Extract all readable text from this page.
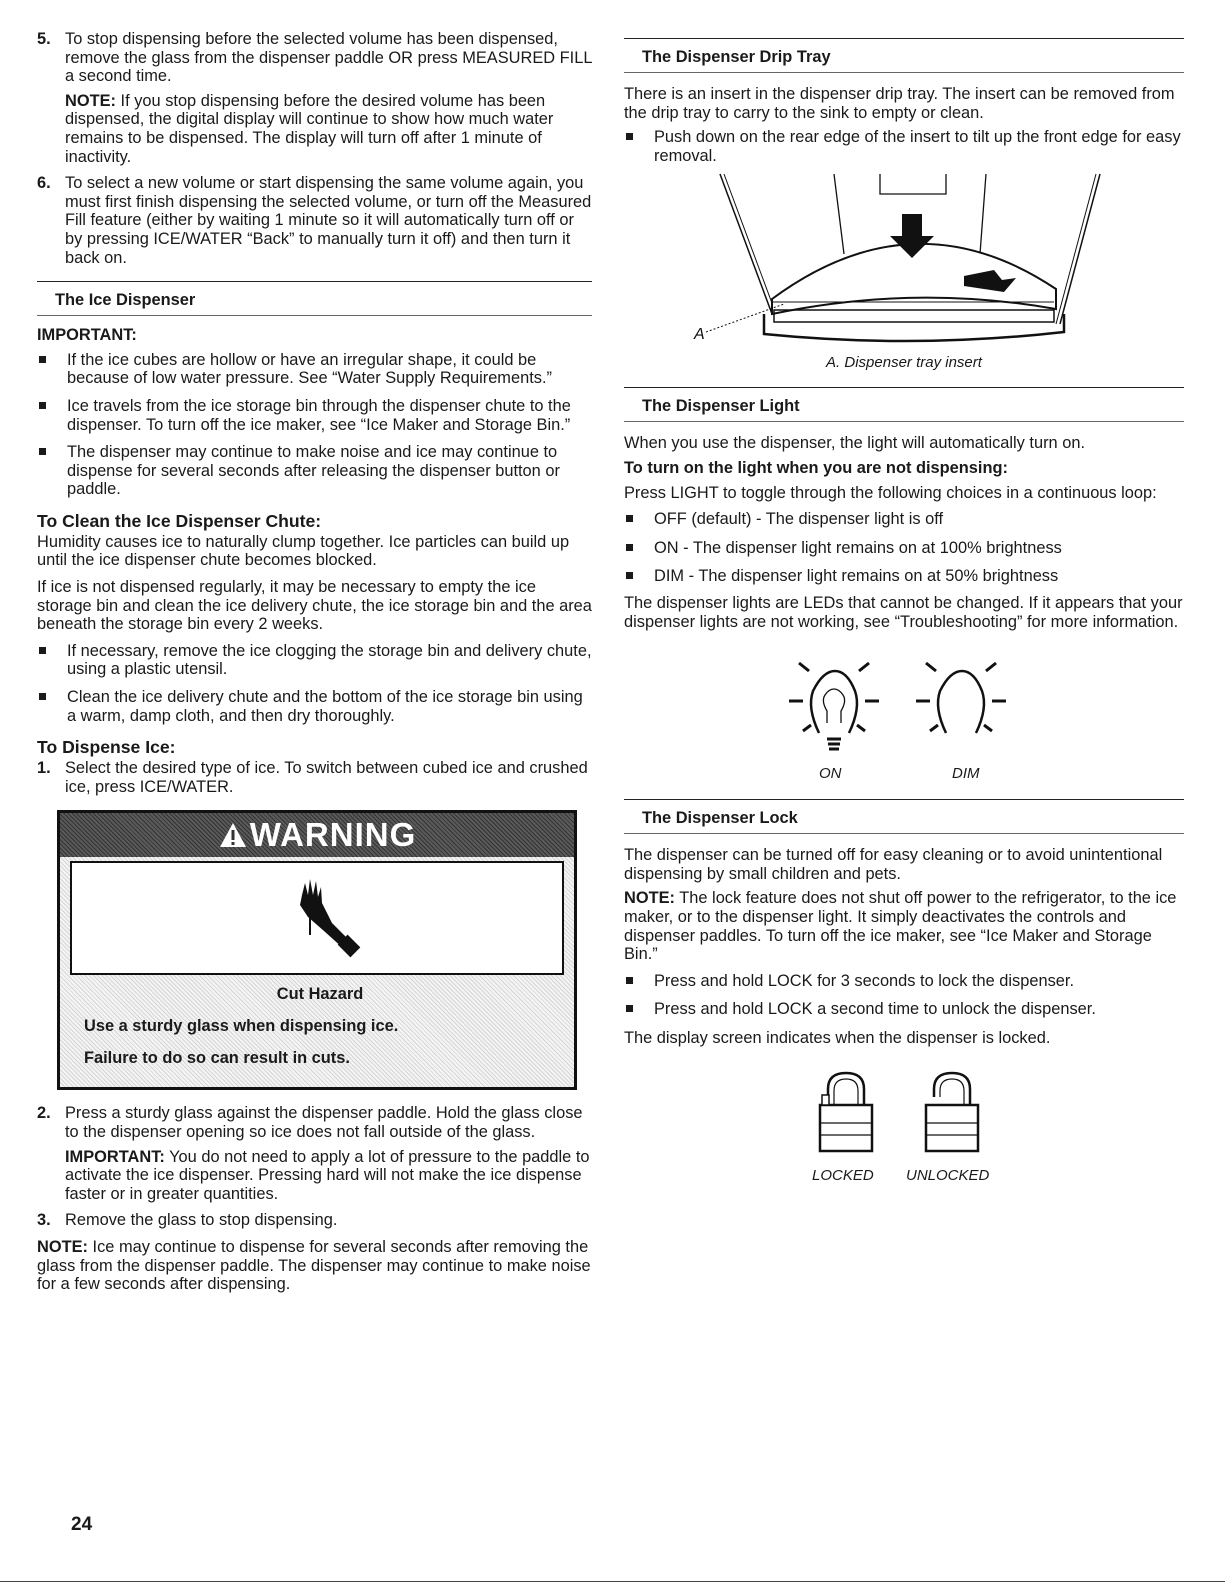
5. To stop dispensing before the selected volume has been dispensed, remove the glass from the dispenser paddle OR press MEASURED FILL a second time.

NOTE: If you stop dispensing before the desired volume has been dispensed, the digital display will continue to show how much water remains to be dispensed. The display will turn off after 1 minute of inactivity.

6. To select a new volume or start dispensing the same volume again, you must first finish dispensing the selected volume, or turn off the Measured Fill feature (either by waiting 1 minute so it will automatically turn off or by pressing ICE/WATER “Back” to manually turn it off) and then turn it back on.

The Ice Dispenser

IMPORTANT:

If the ice cubes are hollow or have an irregular shape, it could be because of low water pressure. See “Water Supply Requirements.”

Ice travels from the ice storage bin through the dispenser chute to the dispenser. To turn off the ice maker, see “Ice Maker and Storage Bin.”

The dispenser may continue to make noise and ice may continue to dispense for several seconds after releasing the dispenser button or paddle.

To Clean the Ice Dispenser Chute:

Humidity causes ice to naturally clump together. Ice particles can build up until the ice dispenser chute becomes blocked.

If ice is not dispensed regularly, it may be necessary to empty the ice storage bin and clean the ice delivery chute, the ice storage bin and the area beneath the storage bin every 2 weeks.

If necessary, remove the ice clogging the storage bin and delivery chute, using a plastic utensil.

Clean the ice delivery chute and the bottom of the ice storage bin using a warm, damp cloth, and then dry thoroughly.

To Dispense Ice:
1. Select the desired type of ice. To switch between cubed ice and crushed ice, press ICE/WATER.

WARNING

Cut Hazard

Use a sturdy glass when dispensing ice.

Failure to do so can result in cuts.

2. Press a sturdy glass against the dispenser paddle. Hold the glass close to the dispenser opening so ice does not fall outside of the glass.

IMPORTANT: You do not need to apply a lot of pressure to the paddle to activate the ice dispenser. Pressing hard will not make the ice dispense faster or in greater quantities.

3. Remove the glass to stop dispensing.

NOTE: Ice may continue to dispense for several seconds after removing the glass from the dispenser paddle. The dispenser may continue to make noise for a few seconds after dispensing.

The Dispenser Drip Tray

There is an insert in the dispenser drip tray. The insert can be removed from the drip tray to carry to the sink to empty or clean.

Push down on the rear edge of the insert to tilt up the front edge for easy removal.

A
A. Dispenser tray insert
The Dispenser Light

When you use the dispenser, the light will automatically turn on.

To turn on the light when you are not dispensing:

Press LIGHT to toggle through the following choices in a continuous loop:

OFF (default) - The dispenser light is off

ON - The dispenser light remains on at 100% brightness

DIM - The dispenser light remains on at 50% brightness

The dispenser lights are LEDs that cannot be changed. If it appears that your dispenser lights are not working, see “Troubleshooting” for more information.

ON	DIM
The Dispenser Lock

The dispenser can be turned off for easy cleaning or to avoid unintentional dispensing by small children and pets.

NOTE: The lock feature does not shut off power to the refrigerator, to the ice maker, or to the dispenser light. It simply deactivates the controls and dispenser paddles. To turn off the ice maker, see “Ice Maker and Storage Bin.”

Press and hold LOCK for 3 seconds to lock the dispenser.

Press and hold LOCK a second time to unlock the dispenser.

The display screen indicates when the dispenser is locked.

LOCKED UNLOCKED
24
